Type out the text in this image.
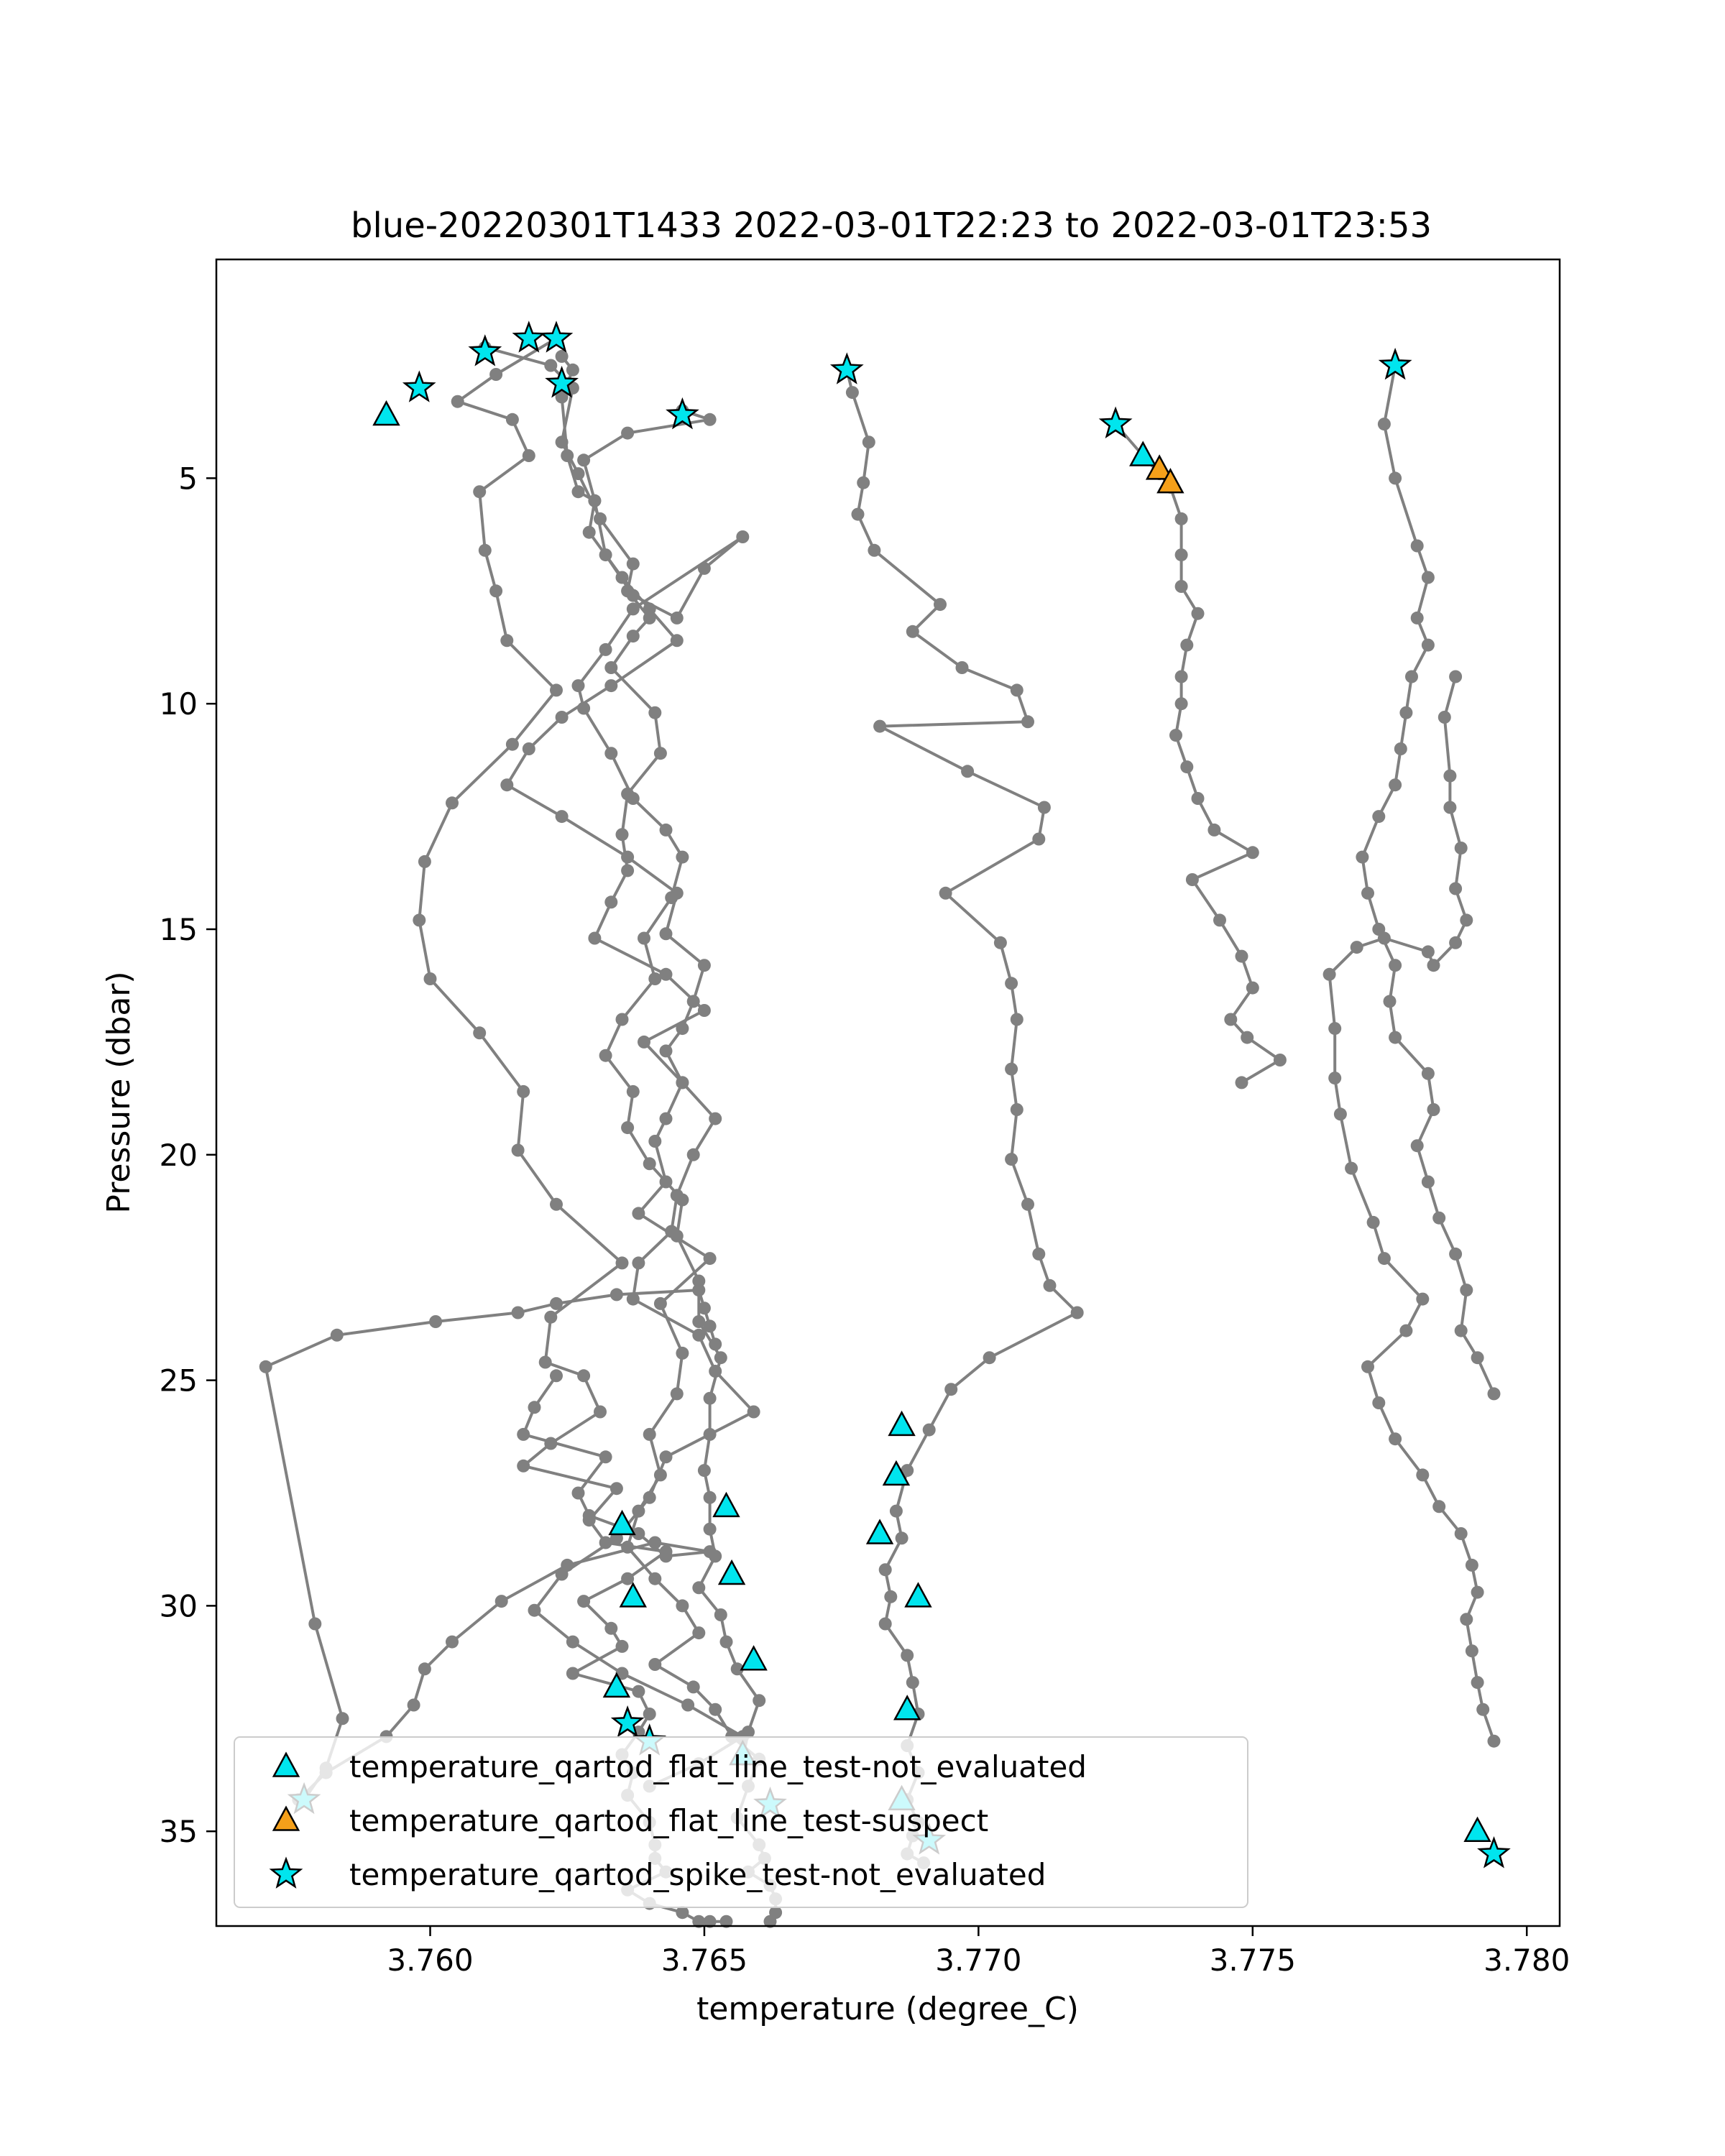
blue-20220301T1433 2022-03-01T22:23 to 2022-03-01T23:53
3.760	3.765	3.770	3.775	3.780
5
10
15
20
25
30
35
temperature (degree_C)
Pressure (dbar)
temperature_qartod_flat_line_test-not_evaluated
temperature_qartod_flat_line_test-suspect
temperature_qartod_spike_test-not_evaluated
